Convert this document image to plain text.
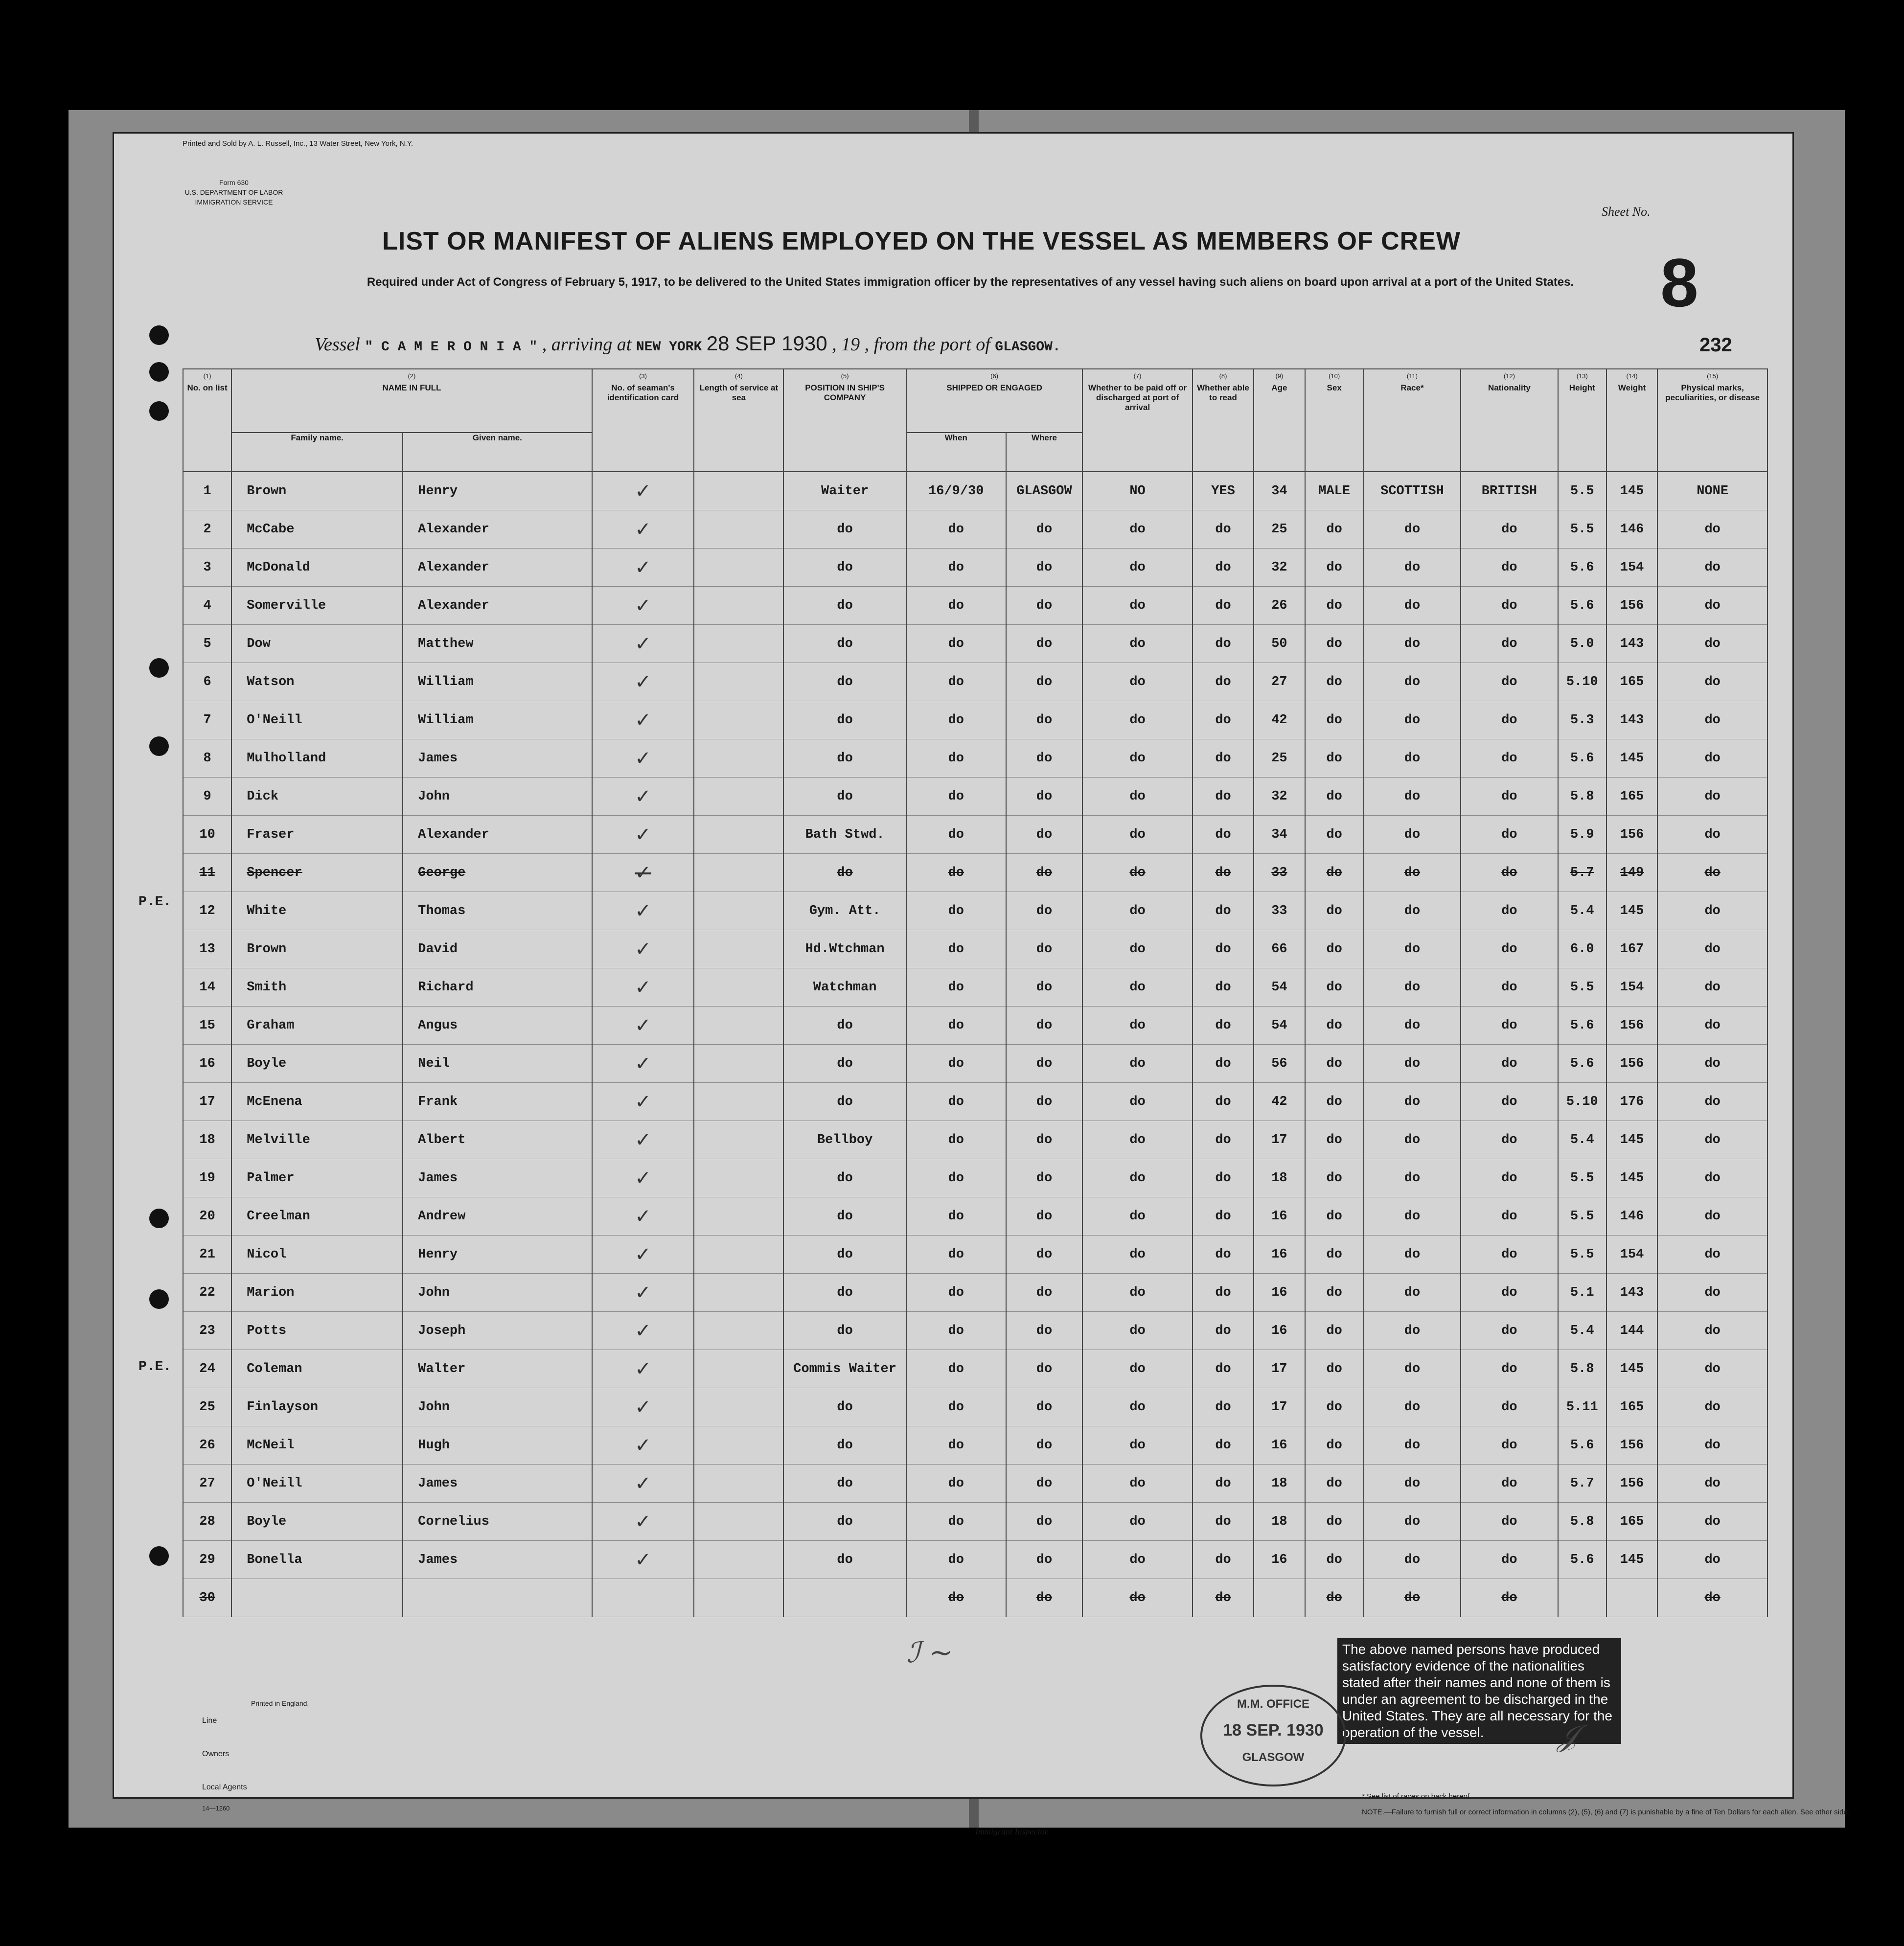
Printed and Sold by A. L. Russell, Inc., 13 Water Street, New York, N.Y.
Form 630
U.S. DEPARTMENT OF LABOR
IMMIGRATION SERVICE
Sheet No.
8
232
LIST OR MANIFEST OF ALIENS EMPLOYED ON THE VESSEL AS MEMBERS OF CREW
Required under Act of Congress of February 5, 1917, to be delivered to the United States immigration officer by the representatives of any vessel having such aliens on board upon arrival at a port of the United States.
Vessel " C A M E R O N I A " , arriving at NEW YORK 28 SEP 1930 , 19 , from the port of GLASGOW.
(1)
No. on list	(2)
NAME IN FULL		(3)
No. of seaman's identification card	(4)
Length of service at sea	(5)
POSITION IN SHIP'S COMPANY	(6)
SHIPPED OR ENGAGED		(7)
Whether to be paid off or discharged at port of arrival	(8)
Whether able to read	(9)
Age	(10)
Sex	(11)
Race*	(12)
Nationality	(13)
Height	(14)
Weight	(15)
Physical marks, peculiarities, or disease
	Family name.	Given name.				When	Where									
1	Brown	Henry	✓		Waiter	16/9/30	GLASGOW	NO	YES	34	MALE	SCOTTISH	BRITISH	5.5	145	NONE
2	McCabe	Alexander	✓		do	do	do	do	do	25	do	do	do	5.5	146	do
3	McDonald	Alexander	✓		do	do	do	do	do	32	do	do	do	5.6	154	do
4	Somerville	Alexander	✓		do	do	do	do	do	26	do	do	do	5.6	156	do
5	Dow	Matthew	✓		do	do	do	do	do	50	do	do	do	5.0	143	do
6	Watson	William	✓		do	do	do	do	do	27	do	do	do	5.10	165	do
7	O'Neill	William	✓		do	do	do	do	do	42	do	do	do	5.3	143	do
8	Mulholland	James	✓		do	do	do	do	do	25	do	do	do	5.6	145	do
9	Dick	John	✓		do	do	do	do	do	32	do	do	do	5.8	165	do
10	Fraser	Alexander	✓		Bath Stwd.	do	do	do	do	34	do	do	do	5.9	156	do
11	Spencer	George	✓		do	do	do	do	do	33	do	do	do	5.7	149	do
12	White	Thomas	✓		Gym. Att.	do	do	do	do	33	do	do	do	5.4	145	do
13	Brown	David	✓		Hd.Wtchman	do	do	do	do	66	do	do	do	6.0	167	do
14	Smith	Richard	✓		Watchman	do	do	do	do	54	do	do	do	5.5	154	do
15	Graham	Angus	✓		do	do	do	do	do	54	do	do	do	5.6	156	do
16	Boyle	Neil	✓		do	do	do	do	do	56	do	do	do	5.6	156	do
17	McEnena	Frank	✓		do	do	do	do	do	42	do	do	do	5.10	176	do
18	Melville	Albert	✓		Bellboy	do	do	do	do	17	do	do	do	5.4	145	do
19	Palmer	James	✓		do	do	do	do	do	18	do	do	do	5.5	145	do
20	Creelman	Andrew	✓		do	do	do	do	do	16	do	do	do	5.5	146	do
21	Nicol	Henry	✓		do	do	do	do	do	16	do	do	do	5.5	154	do
22	Marion	John	✓		do	do	do	do	do	16	do	do	do	5.1	143	do
23	Potts	Joseph	✓		do	do	do	do	do	16	do	do	do	5.4	144	do
24	Coleman	Walter	✓		Commis Waiter	do	do	do	do	17	do	do	do	5.8	145	do
25	Finlayson	John	✓		do	do	do	do	do	17	do	do	do	5.11	165	do
26	McNeil	Hugh	✓		do	do	do	do	do	16	do	do	do	5.6	156	do
27	O'Neill	James	✓		do	do	do	do	do	18	do	do	do	5.7	156	do
28	Boyle	Cornelius	✓		do	do	do	do	do	18	do	do	do	5.8	165	do
29	Bonella	James	✓		do	do	do	do	do	16	do	do	do	5.6	145	do
30						do	do	do	do		do	do	do			do
P.E.
P.E.
Printed in England.
Line
Owners
Local Agents
14—1260
ℐ ~	The above named persons have produced satisfactory evidence of the nationalities stated after their names and none of them is under an agreement to be discharged in the United States. They are all necessary for the operation of the vessel.
M.M. OFFICE
18 SEP. 1930
GLASGOW
𝒥
Immigrant Inspector.
* See list of races on back hereof.
NOTE.—Failure to furnish full or correct information in columns (2), (5), (6) and (7) is punishable by a fine of Ten Dollars for each alien. See other side.
